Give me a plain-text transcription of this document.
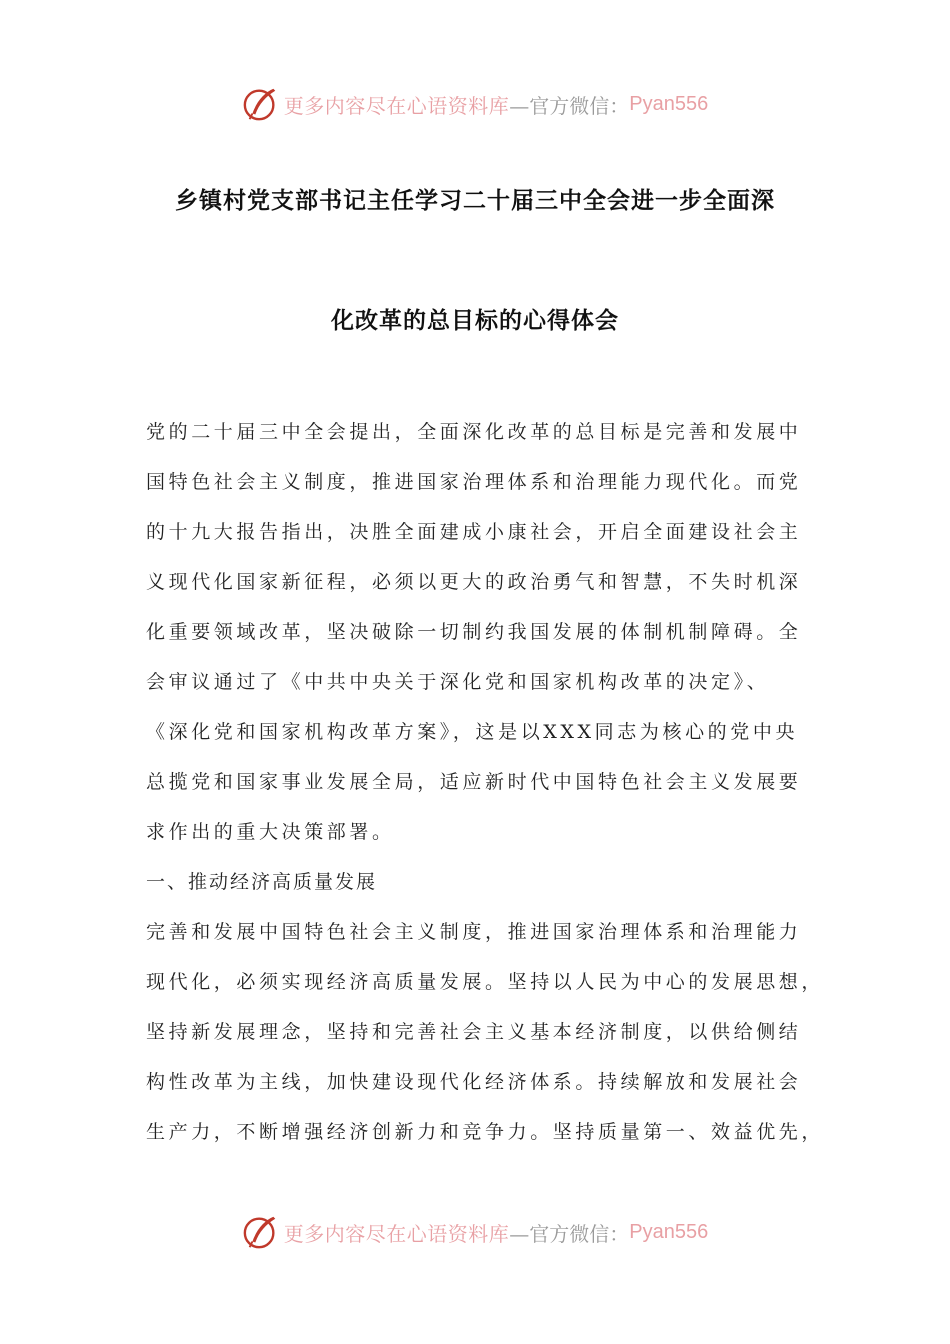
更多内容尽在心语资料库 —官方微信： Pyan556
乡镇村党支部书记主任学习二十届三中全会进一步全面深
化改革的总目标的心得体会
党的二十届三中全会提出，全面深化改革的总目标是完善和发展中
国特色社会主义制度，推进国家治理体系和治理能力现代化。而党
的十九大报告指出，决胜全面建成小康社会，开启全面建设社会主
义现代化国家新征程，必须以更大的政治勇气和智慧，不失时机深
化重要领域改革，坚决破除一切制约我国发展的体制机制障碍。全
会审议通过了《中共中央关于深化党和国家机构改革的决定》、
《深化党和国家机构改革方案》，这是以XXX同志为核心的党中央
总揽党和国家事业发展全局，适应新时代中国特色社会主义发展要
求作出的重大决策部署。
一、推动经济高质量发展
完善和发展中国特色社会主义制度，推进国家治理体系和治理能力
现代化，必须实现经济高质量发展。坚持以人民为中心的发展思想，
坚持新发展理念，坚持和完善社会主义基本经济制度，以供给侧结
构性改革为主线，加快建设现代化经济体系。持续解放和发展社会
生产力，不断增强经济创新力和竞争力。坚持质量第一、效益优先，
更多内容尽在心语资料库 —官方微信： Pyan556
